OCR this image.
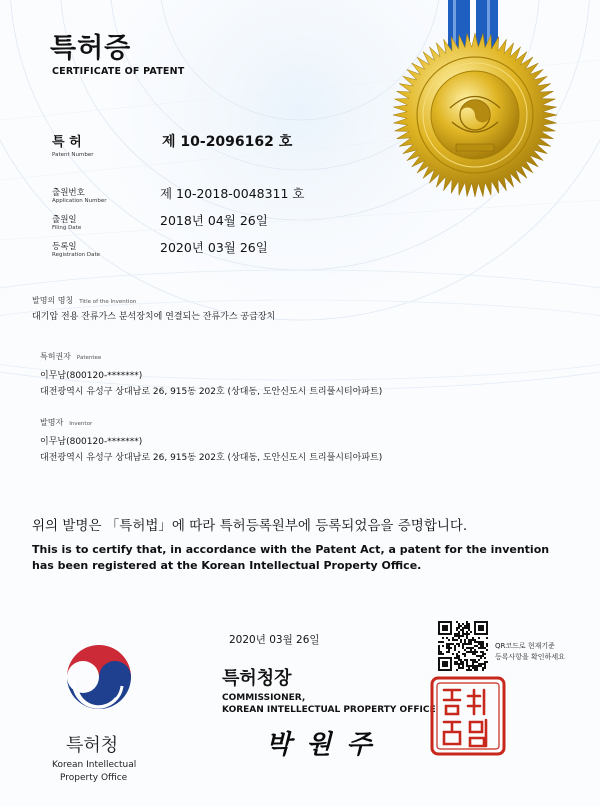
특허증
CERTIFICATE OF PATENT
특 허
Patent Number
제 10-2096162 호
출원번호
Application Number	제 10-2018-0048311 호
출원일
Filing Date	2018년 04월 26일
등록일
Registration Date	2020년 03월 26일
발명의 명칭 Title of the Invention
대기압 전용 잔류가스 분석장치에 연결되는 잔류가스 공급장치
특허권자 Patentee
이무남(800120-*******)
대전광역시 유성구 상대남로 26, 915동 202호 (상대동, 도안신도시 트리풀시티아파트)
발명자 Inventor
이무남(800120-*******)
대전광역시 유성구 상대남로 26, 915동 202호 (상대동, 도안신도시 트리풀시티아파트)
위의 발명은 「특허법」에 따라 특허등록원부에 등록되었음을 증명합니다.
This is to certify that, in accordance with the Patent Act, a patent for the invention
has been registered at the Korean Intellectual Property Office.
2020년 03월 26일	QR코드로 현재기준
등록사항을 확인하세요
특허청장
COMMISSIONER,
KOREAN INTELLECTUAL PROPERTY OFFICE
박 원 주
특허청
Korean Intellectual
Property Office
